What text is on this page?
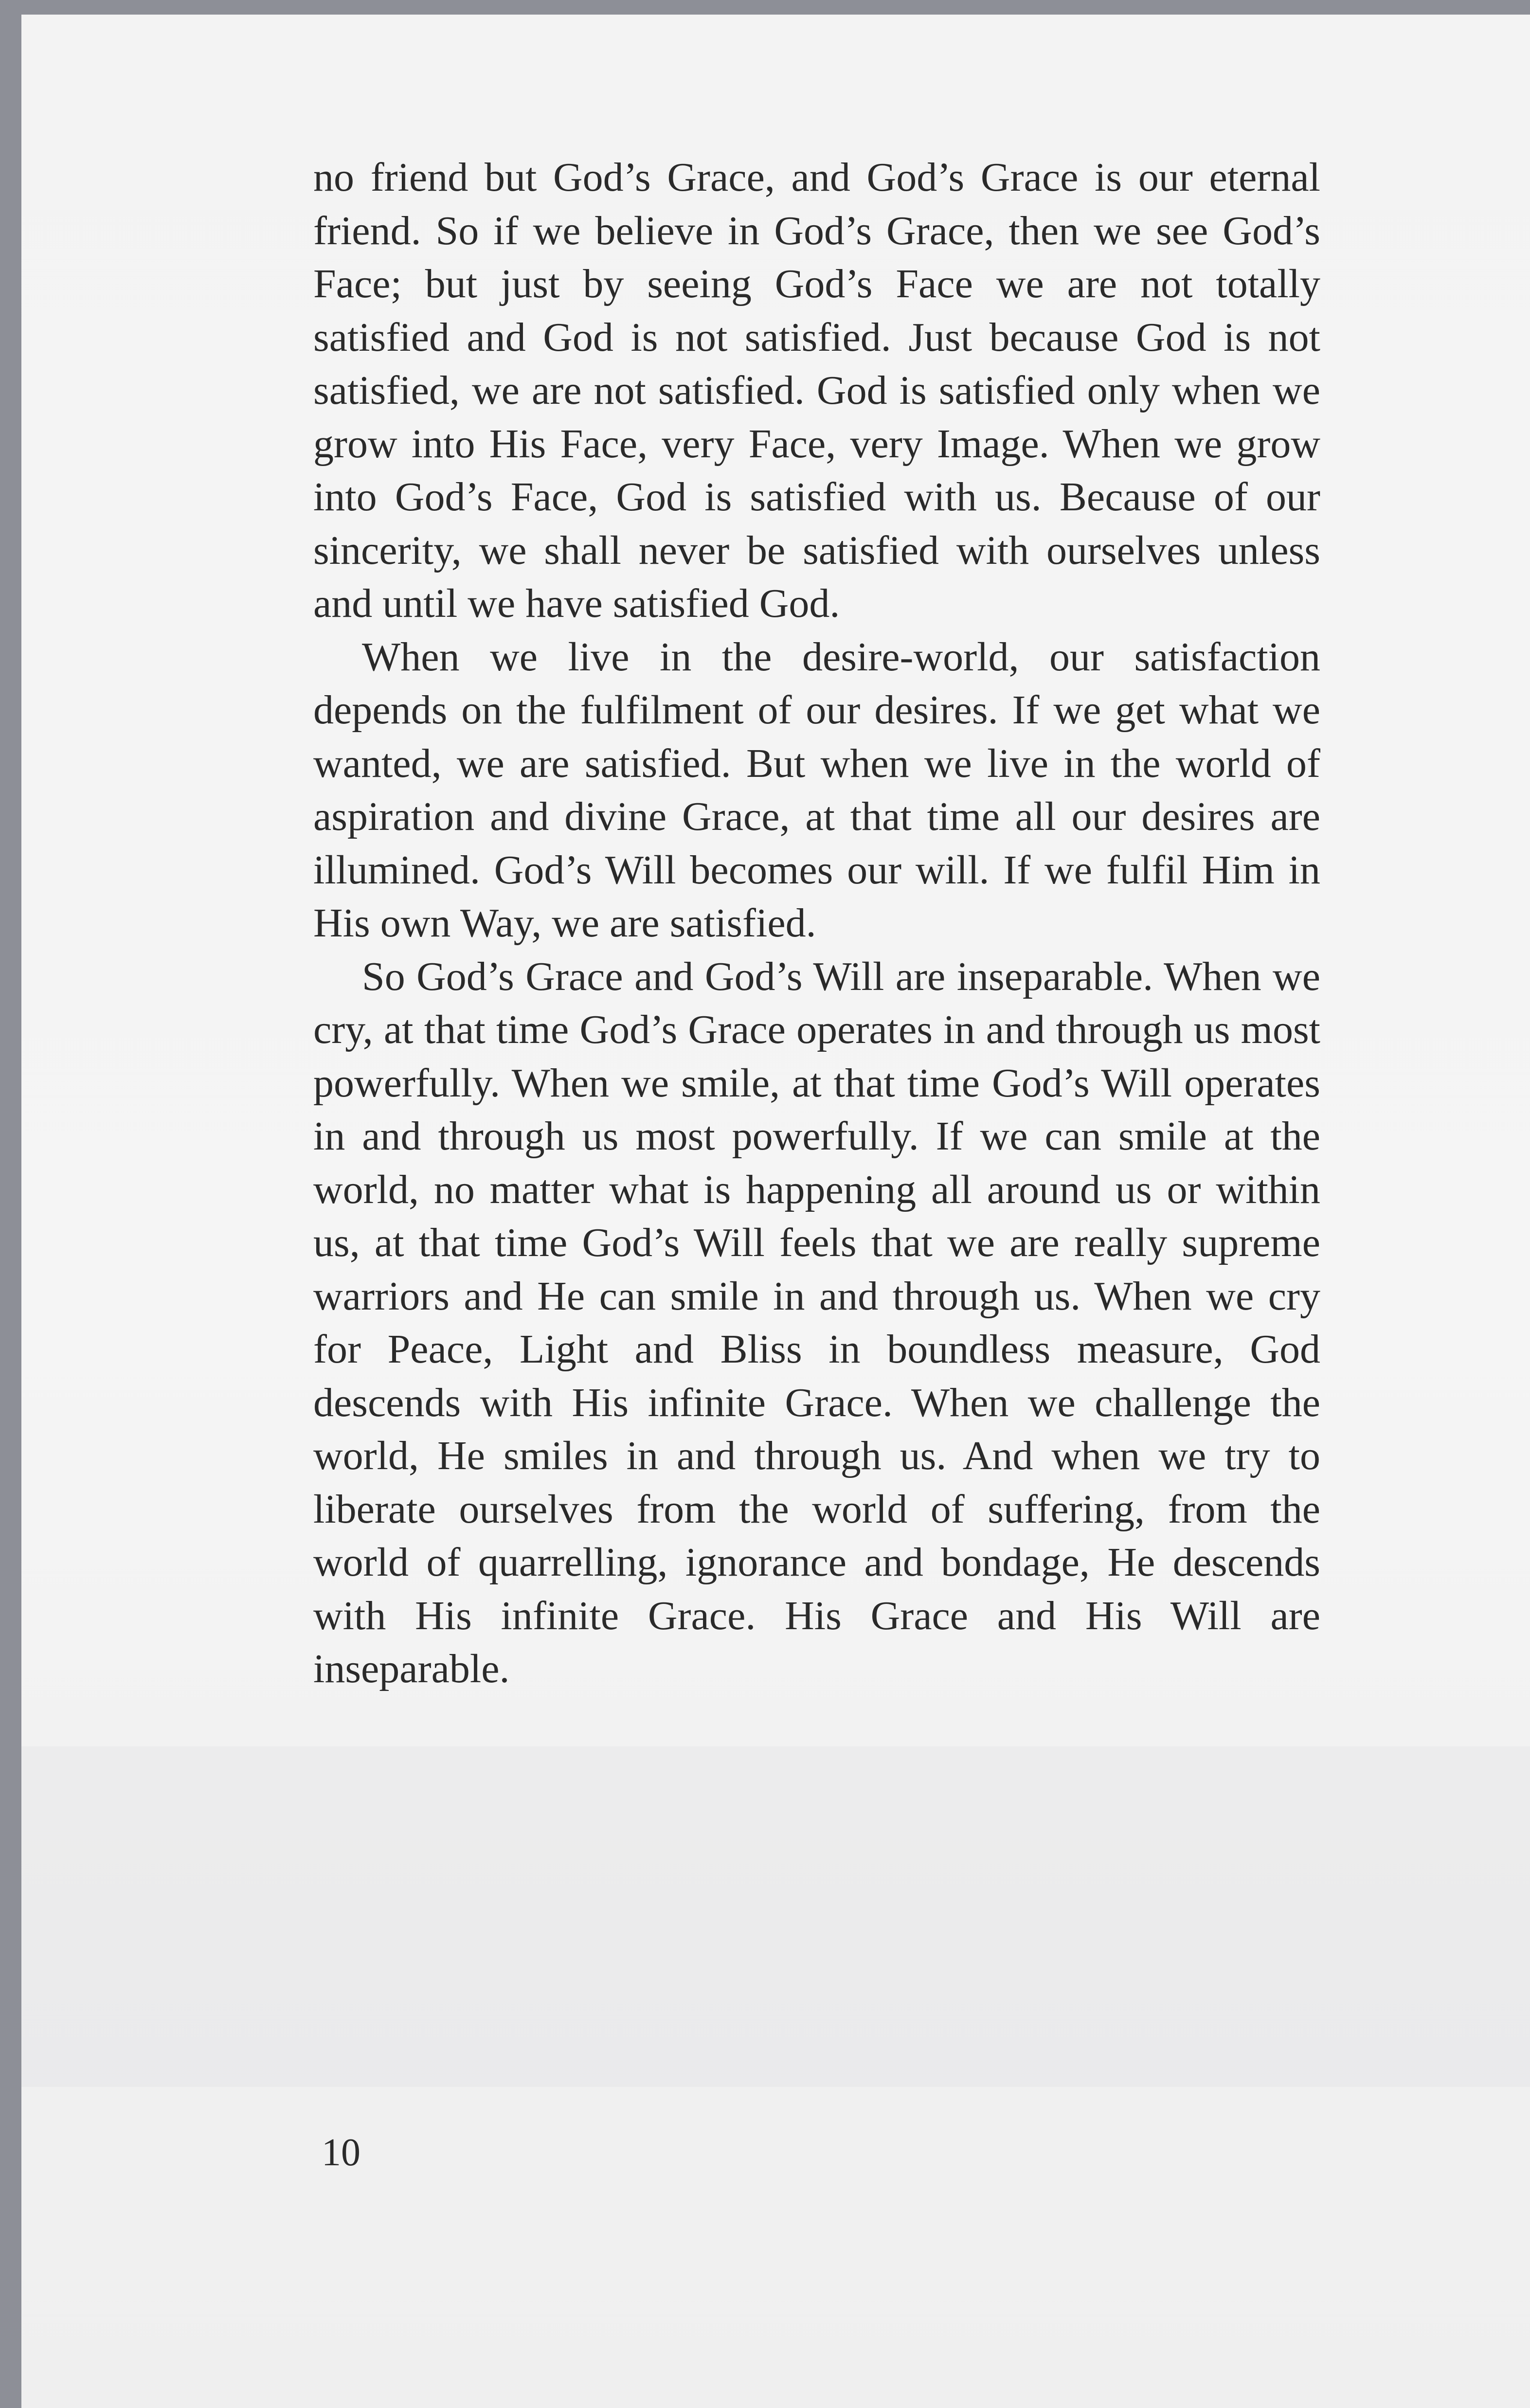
no friend but God’s Grace, and God’s Grace is our eternal friend. So if we believe in God’s Grace, then we see God’s Face; but just by seeing God’s Face we are not totally satisfied and God is not satisfied. Just because God is not satisfied, we are not satisfied. God is satisfied only when we grow into His Face, very Face, very Image. When we grow into God’s Face, God is satisfied with us. Because of our sincerity, we shall never be satisfied with ourselves unless and until we have satisfied God.

When we live in the desire-world, our satisfaction depends on the fulfilment of our desires. If we get what we wanted, we are satisfied. But when we live in the world of aspiration and divine Grace, at that time all our desires are illumined. God’s Will becomes our will. If we fulfil Him in His own Way, we are satisfied.

So God’s Grace and God’s Will are inseparable. When we cry, at that time God’s Grace operates in and through us most powerfully. When we smile, at that time God’s Will operates in and through us most powerfully. If we can smile at the world, no matter what is happening all around us or within us, at that time God’s Will feels that we are really supreme warriors and He can smile in and through us. When we cry for Peace, Light and Bliss in boundless measure, God descends with His infinite Grace. When we challenge the world, He smiles in and through us. And when we try to liberate ourselves from the world of suffering, from the world of quarrelling, ignorance and bondage, He descends with His infinite Grace. His Grace and His Will are inseparable.

10
